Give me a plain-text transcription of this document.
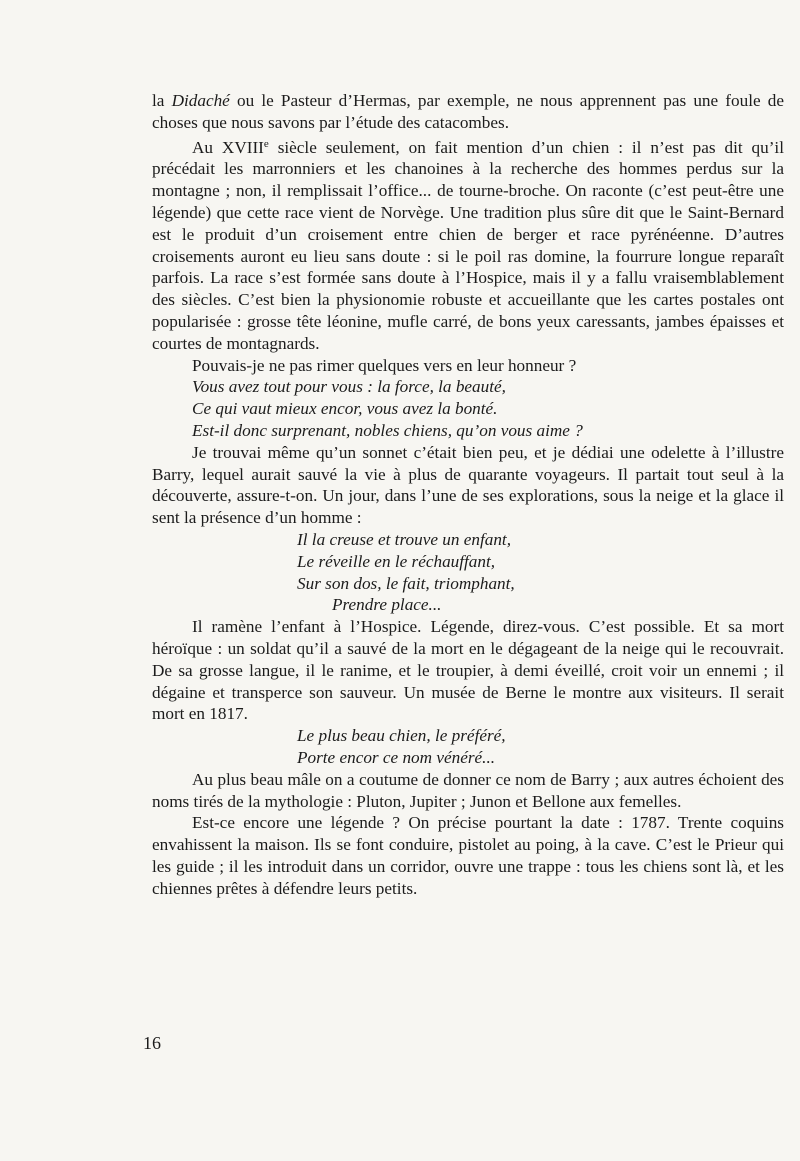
la Didaché ou le Pasteur d’Hermas, par exemple, ne nous apprennent pas une foule de choses que nous savons par l’étude des catacombes.

Au XVIIIe siècle seulement, on fait mention d’un chien : il n’est pas dit qu’il précédait les marronniers et les chanoines à la recherche des hommes perdus sur la montagne ; non, il remplissait l’office... de tourne-broche. On raconte (c’est peut-être une légende) que cette race vient de Norvège. Une tradition plus sûre dit que le Saint-Bernard est le produit d’un croisement entre chien de berger et race pyrénéenne. D’autres croisements auront eu lieu sans doute : si le poil ras domine, la fourrure longue reparaît parfois. La race s’est formée sans doute à l’Hospice, mais il y a fallu vraisemblablement des siècles. C’est bien la physionomie robuste et accueillante que les cartes postales ont popularisée : grosse tête léonine, mufle carré, de bons yeux caressants, jambes épaisses et courtes de montagnards.

Pouvais-je ne pas rimer quelques vers en leur honneur ?

Vous avez tout pour vous : la force, la beauté,

Ce qui vaut mieux encor, vous avez la bonté.

Est-il donc surprenant, nobles chiens, qu’on vous aime ?

Je trouvai même qu’un sonnet c’était bien peu, et je dédiai une odelette à l’illustre Barry, lequel aurait sauvé la vie à plus de quarante voyageurs. Il partait tout seul à la découverte, assure-t-on. Un jour, dans l’une de ses explorations, sous la neige et la glace il sent la présence d’un homme :

Il la creuse et trouve un enfant,

Le réveille en le réchauffant,

Sur son dos, le fait, triomphant,

Prendre place...

Il ramène l’enfant à l’Hospice. Légende, direz-vous. C’est possible. Et sa mort héroïque : un soldat qu’il a sauvé de la mort en le dégageant de la neige qui le recouvrait. De sa grosse langue, il le ranime, et le troupier, à demi éveillé, croit voir un ennemi ; il dégaine et transperce son sauveur. Un musée de Berne le montre aux visiteurs. Il serait mort en 1817.

Le plus beau chien, le préféré,

Porte encor ce nom vénéré...

Au plus beau mâle on a coutume de donner ce nom de Barry ; aux autres échoient des noms tirés de la mythologie : Pluton, Jupiter ; Junon et Bellone aux femelles.

Est-ce encore une légende ? On précise pourtant la date : 1787. Trente coquins envahissent la maison. Ils se font conduire, pistolet au poing, à la cave. C’est le Prieur qui les guide ; il les introduit dans un corridor, ouvre une trappe : tous les chiens sont là, et les chiennes prêtes à défendre leurs petits.

16
